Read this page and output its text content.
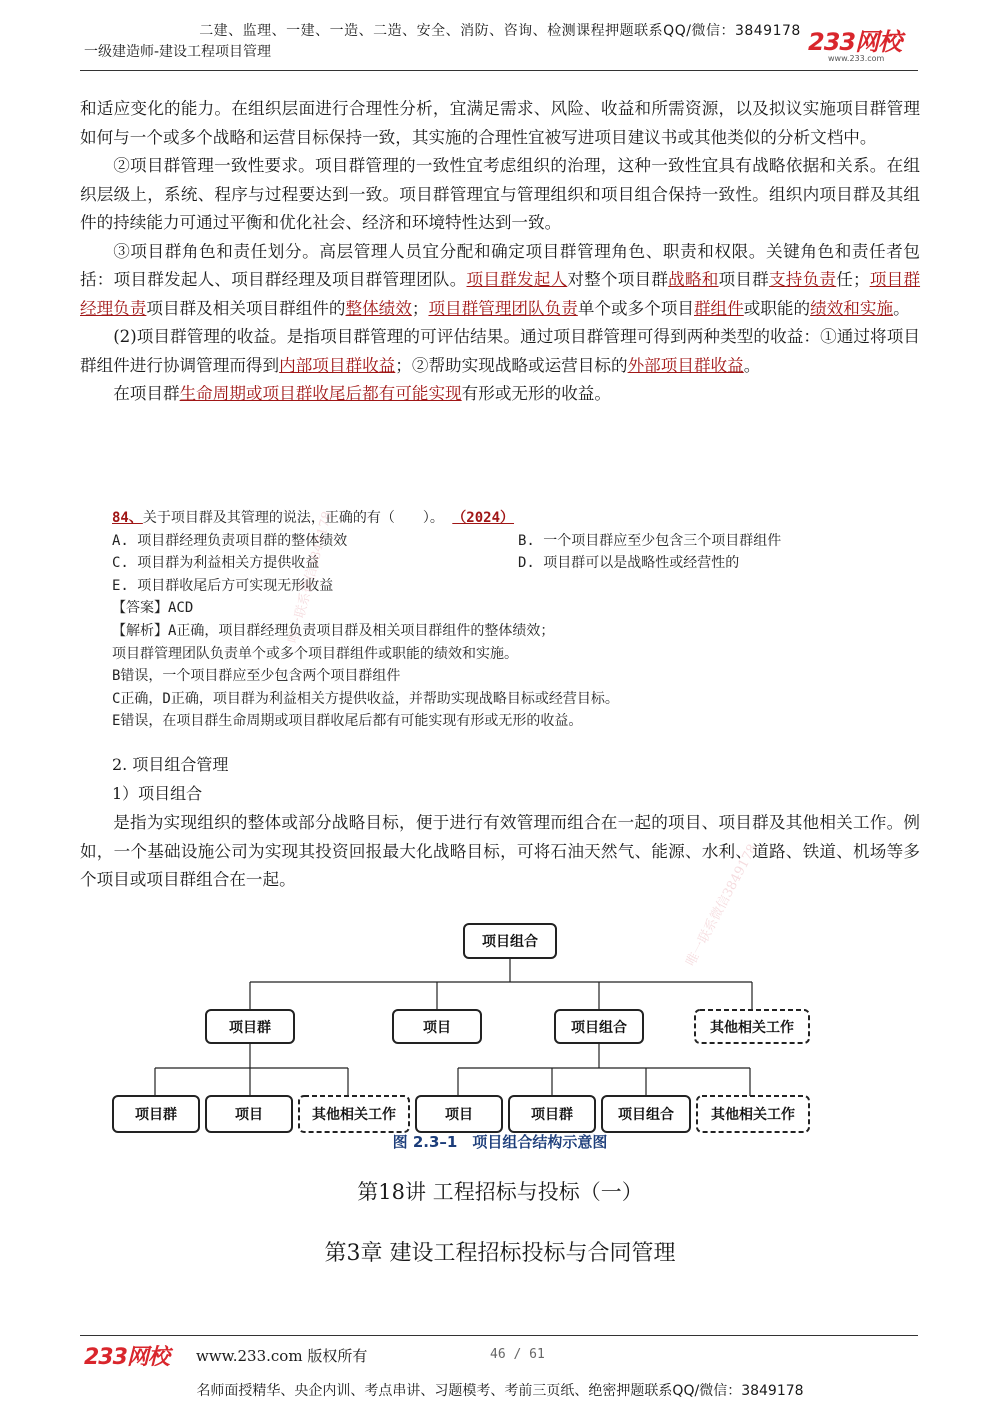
二建、监理、一建、一造、二造、安全、消防、咨询、检测课程押题联系QQ/微信：3849178
一级建造师-建设工程项目管理	233网校
www.233.com

和适应变化的能力。在组织层面进行合理性分析，宜满足需求、风险、收益和所需资源，以及拟议实施项目群管理如何与一个或多个战略和运营目标保持一致，其实施的合理性宜被写进项目建议书或其他类似的分析文档中。

②项目群管理一致性要求。项目群管理的一致性宜考虑组织的治理，这种一致性宜具有战略依据和关系。在组织层级上，系统、程序与过程要达到一致。项目群管理宜与管理组织和项目组合保持一致性。组织内项目群及其组件的持续能力可通过平衡和优化社会、经济和环境特性达到一致。

③项目群角色和责任划分。高层管理人员宜分配和确定项目群管理角色、职责和权限。关键角色和责任者包括：项目群发起人、项目群经理及项目群管理团队。项目群发起人对整个项目群战略和项目群支持负责任；项目群经理负责项目群及相关项目群组件的整体绩效；项目群管理团队负责单个或多个项目群组件或职能的绩效和实施。

(2)项目群管理的收益。是指项目群管理的可评估结果。通过项目群管理可得到两种类型的收益：①通过将项目群组件进行协调管理而得到内部项目群收益；②帮助实现战略或运营目标的外部项目群收益。

在项目群生命周期或项目群收尾后都有可能实现有形或无形的收益。

84、关于项目群及其管理的说法，正确的有（　　）。 （2024）
A. 项目群经理负责项目群的整体绩效	B. 一个项目群应至少包含三个项目群组件
C. 项目群为利益相关方提供收益	D. 项目群可以是战略性或经营性的
E. 项目群收尾后方可实现无形收益
【答案】ACD
【解析】A正确，项目群经理负责项目群及相关项目群组件的整体绩效；
项目群管理团队负责单个或多个项目群组件或职能的绩效和实施。
B错误，一个项目群应至少包含两个项目群组件
C正确，D正确，项目群为利益相关方提供收益，并帮助实现战略目标或经营目标。
E错误，在项目群生命周期或项目群收尾后都有可能实现有形或无形的收益。
2. 项目组合管理
1）项目组合

是指为实现组织的整体或部分战略目标，便于进行有效管理而组合在一起的项目、项目群及其他相关工作。例如，一个基础设施公司为实现其投资回报最大化战略目标，可将石油天然气、能源、水利、道路、铁道、机场等多个项目或项目群组合在一起。

项目组合
项目群	项目	项目组合	其他相关工作
项目群	项目	其他相关工作	项目	项目群	项目组合	其他相关工作
图 2.3–1　项目组合结构示意图
第18讲 工程招标与投标（一）
第3章 建设工程招标投标与合同管理
233网校 www.233.com 版权所有	46 / 61
名师面授精华、央企内训、考点串讲、习题模考、考前三页纸、绝密押题联系QQ/微信：3849178
唯一联系微信3849178
唯一联系微信3849178
